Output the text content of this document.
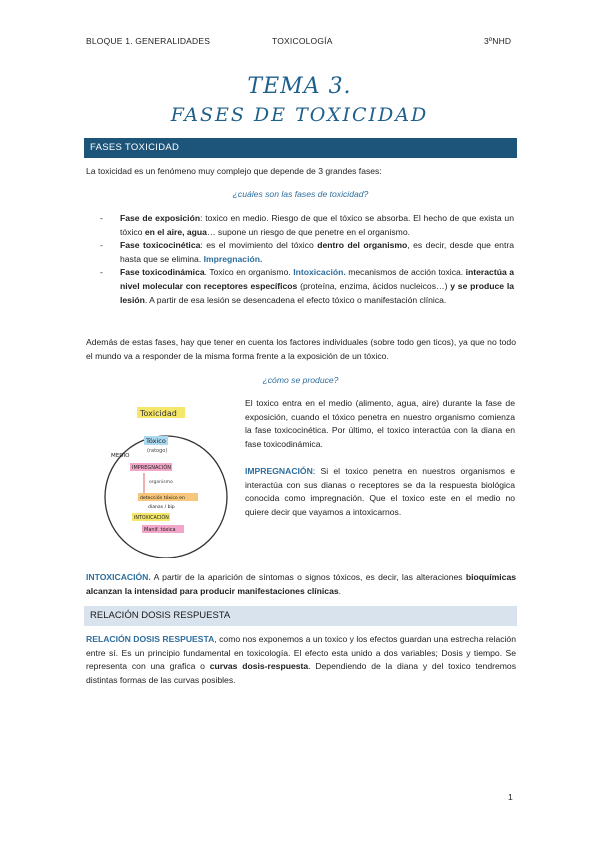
BLOQUE 1. GENERALIDADES	TOXICOLOGÍA	3ºNHD
TEMA 3.
FASES DE TOXICIDAD
FASES TOXICIDAD

La toxicidad es un fenómeno muy complejo que depende de 3 grandes fases:

¿cuáles son las fases de toxicidad?
- Fase de exposición: toxico en medio. Riesgo de que el tóxico se absorba. El hecho de que exista un tóxico en el aire, agua… supone un riesgo de que penetre en el organismo.
- Fase toxicocinética: es el movimiento del tóxico dentro del organismo, es decir, desde que entra hasta que se elimina. Impregnación.
- Fase toxicodinámica. Toxico en organismo. Intoxicación. mecanismos de acción toxica. interactúa a nivel molecular con receptores específicos (proteína, enzima, ácidos nucleicos…) y se produce la lesión. A partir de esa lesión se desencadena el efecto tóxico o manifestación clínica.

Además de estas fases, hay que tener en cuenta los factores individuales (sobre todo gen ticos), ya que no todo el mundo va a responder de la misma forma frente a la exposición de un tóxico.

¿cómo se produce?
Toxicidad
Tóxico
(ratogo)
MEDIO
IMPREGNACIÓN
organismo
detección tóxico en
dianas / bip
INTOXICACIÓN
Manif. tóxica

El toxico entra en el medio (alimento, agua, aire) durante la fase de exposición, cuando el tóxico penetra en nuestro organismo comienza la fase toxicocinética. Por último, el toxico interactúa con la diana en fase toxicodinámica.

IMPREGNACIÓN: Si el toxico penetra en nuestros organismos e interactúa con sus dianas o receptores se da la respuesta biológica conocida como impregnación. Que el toxico este en el medio no quiere decir que vayamos a intoxicarnos.

INTOXICACIÓN. A partir de la aparición de síntomas o signos tóxicos, es decir, las alteraciones bioquímicas alcanzan la intensidad para producir manifestaciones clínicas.

RELACIÓN DOSIS RESPUESTA

RELACIÓN DOSIS RESPUESTA, como nos exponemos a un toxico y los efectos guardan una estrecha relación entre sí. Es un principio fundamental en toxicología. El efecto esta unido a dos variables; Dosis y tiempo. Se representa con una grafica o curvas dosis-respuesta. Dependiendo de la diana y del toxico tendremos distintas formas de las curvas posibles.

1
